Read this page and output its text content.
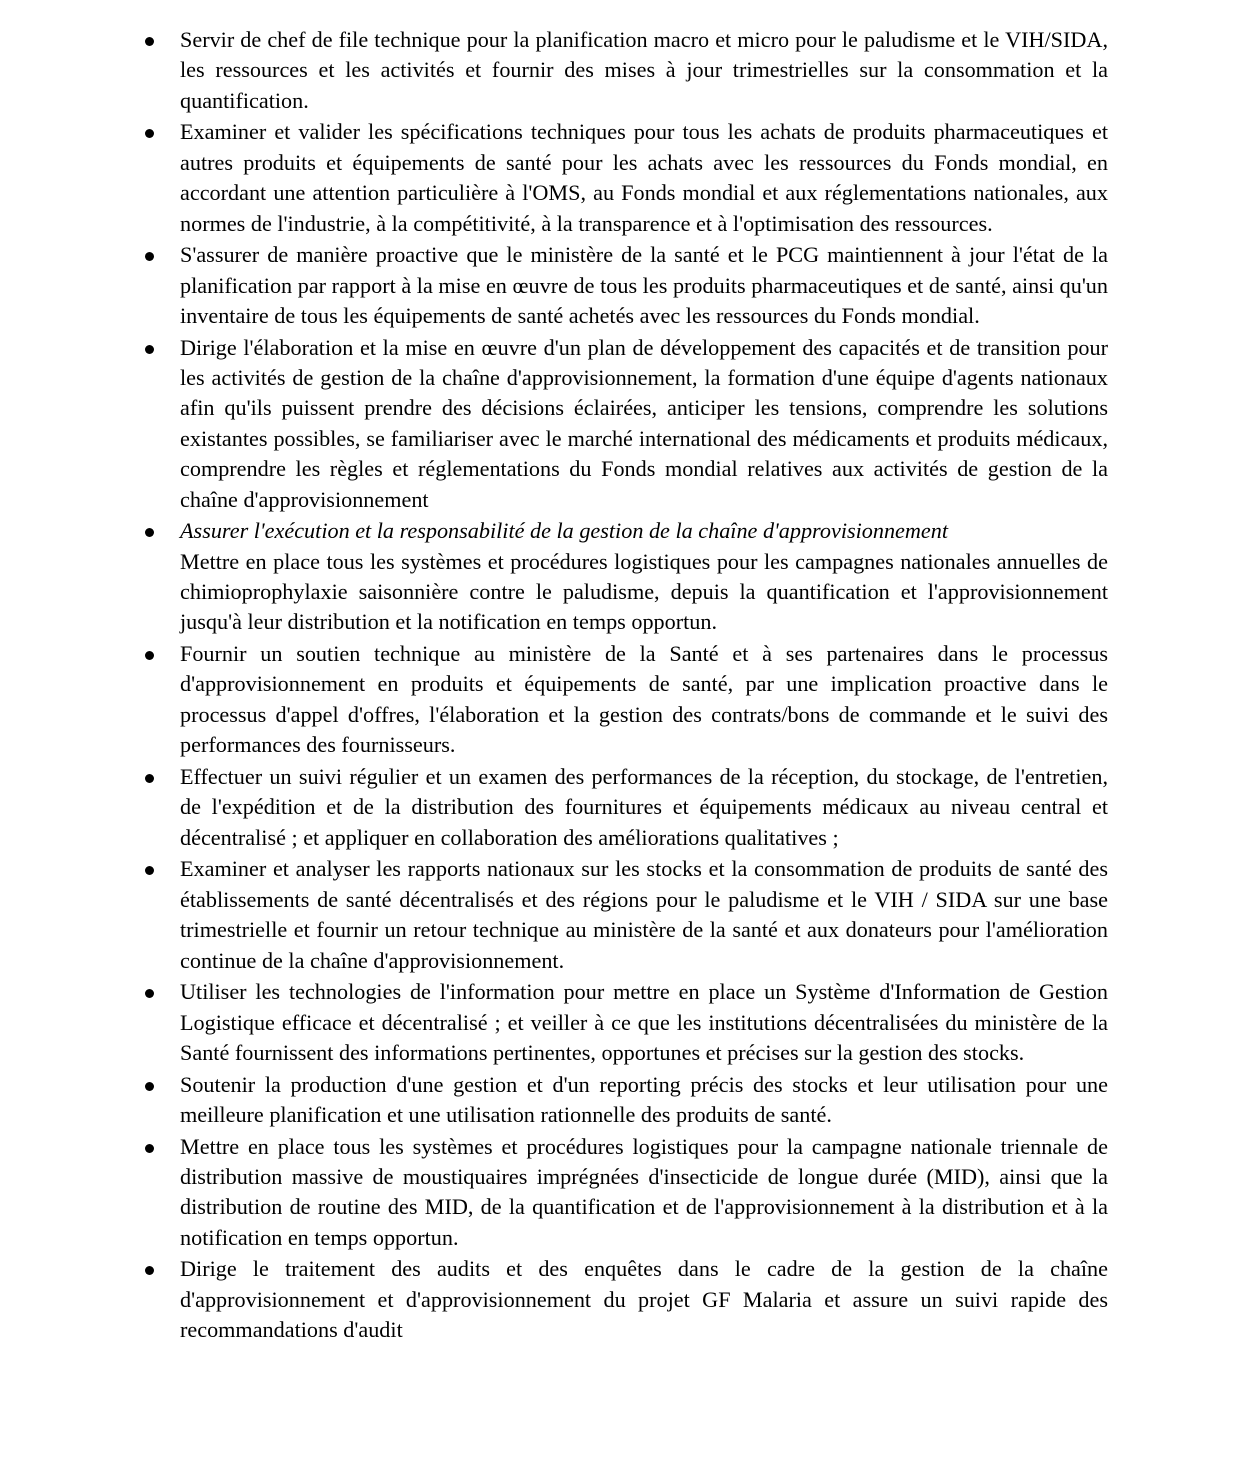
Servir de chef de file technique pour la planification macro et micro pour le paludisme et le VIH/SIDA, les ressources et les activités et fournir des mises à jour trimestrielles sur la consommation et la quantification.
Examiner et valider les spécifications techniques pour tous les achats de produits pharmaceutiques et autres produits et équipements de santé pour les achats avec les ressources du Fonds mondial, en accordant une attention particulière à l'OMS, au Fonds mondial et aux réglementations nationales, aux normes de l'industrie, à la compétitivité, à la transparence et à l'optimisation des ressources.
S'assurer de manière proactive que le ministère de la santé et le PCG maintiennent à jour l'état de la planification par rapport à la mise en œuvre de tous les produits pharmaceutiques et de santé, ainsi qu'un inventaire de tous les équipements de santé achetés avec les ressources du Fonds mondial.
Dirige l'élaboration et la mise en œuvre d'un plan de développement des capacités et de transition pour les activités de gestion de la chaîne d'approvisionnement, la formation d'une équipe d'agents nationaux afin qu'ils puissent prendre des décisions éclairées, anticiper les tensions, comprendre les solutions existantes possibles, se familiariser avec le marché international des médicaments et produits médicaux, comprendre les règles et réglementations du Fonds mondial relatives aux activités de gestion de la chaîne d'approvisionnement
Assurer l'exécution et la responsabilité de la gestion de la chaîne d'approvisionnement
Mettre en place tous les systèmes et procédures logistiques pour les campagnes nationales annuelles de chimioprophylaxie saisonnière contre le paludisme, depuis la quantification et l'approvisionnement jusqu'à leur distribution et la notification en temps opportun.
Fournir un soutien technique au ministère de la Santé et à ses partenaires dans le processus d'approvisionnement en produits et équipements de santé, par une implication proactive dans le processus d'appel d'offres, l'élaboration et la gestion des contrats/bons de commande et le suivi des performances des fournisseurs.
Effectuer un suivi régulier et un examen des performances de la réception, du stockage, de l'entretien, de l'expédition et de la distribution des fournitures et équipements médicaux au niveau central et décentralisé ; et appliquer en collaboration des améliorations qualitatives ;
Examiner et analyser les rapports nationaux sur les stocks et la consommation de produits de santé des établissements de santé décentralisés et des régions pour le paludisme et le VIH / SIDA sur une base trimestrielle et fournir un retour technique au ministère de la santé et aux donateurs pour l'amélioration continue de la chaîne d'approvisionnement.
Utiliser les technologies de l'information pour mettre en place un Système d'Information de Gestion Logistique efficace et décentralisé ; et veiller à ce que les institutions décentralisées du ministère de la Santé fournissent des informations pertinentes, opportunes et précises sur la gestion des stocks.
Soutenir la production d'une gestion et d'un reporting précis des stocks et leur utilisation pour une meilleure planification et une utilisation rationnelle des produits de santé.
Mettre en place tous les systèmes et procédures logistiques pour la campagne nationale triennale de distribution massive de moustiquaires imprégnées d'insecticide de longue durée (MID), ainsi que la distribution de routine des MID, de la quantification et de l'approvisionnement à la distribution et à la notification en temps opportun.
Dirige le traitement des audits et des enquêtes dans le cadre de la gestion de la chaîne d'approvisionnement et d'approvisionnement du projet GF Malaria et assure un suivi rapide des recommandations d'audit
